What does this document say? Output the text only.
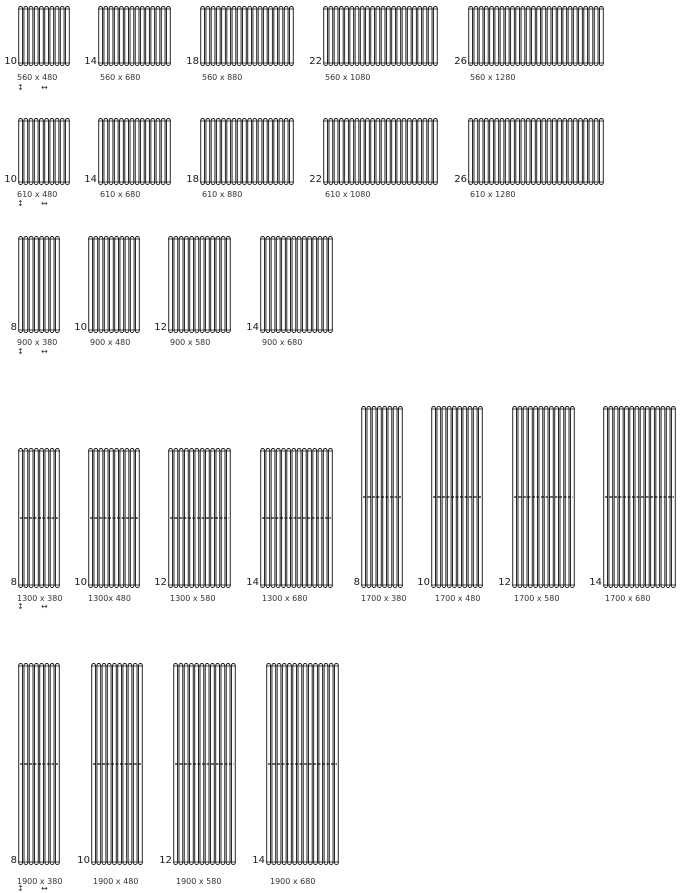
10
560 x 480
↕ ↔
14
560 x 680
18
560 x 880
22
560 x 1080
26
560 x 1280
10
610 x 480
↕ ↔
14
610 x 680
18
610 x 880
22
610 x 1080
26
610 x 1280
8
900 x 380
↕ ↔
10
900 x 480
12
900 x 580
14
900 x 680
8
1300 x 380
↕ ↔
10
1300x 480
12
1300 x 580
14
1300 x 680
8
1700 x 380
10
1700 x 480
12
1700 x 580
14
1700 x 680
8
1900 x 380
↕ ↔
10
1900 x 480
12
1900 x 580
14
1900 x 680
